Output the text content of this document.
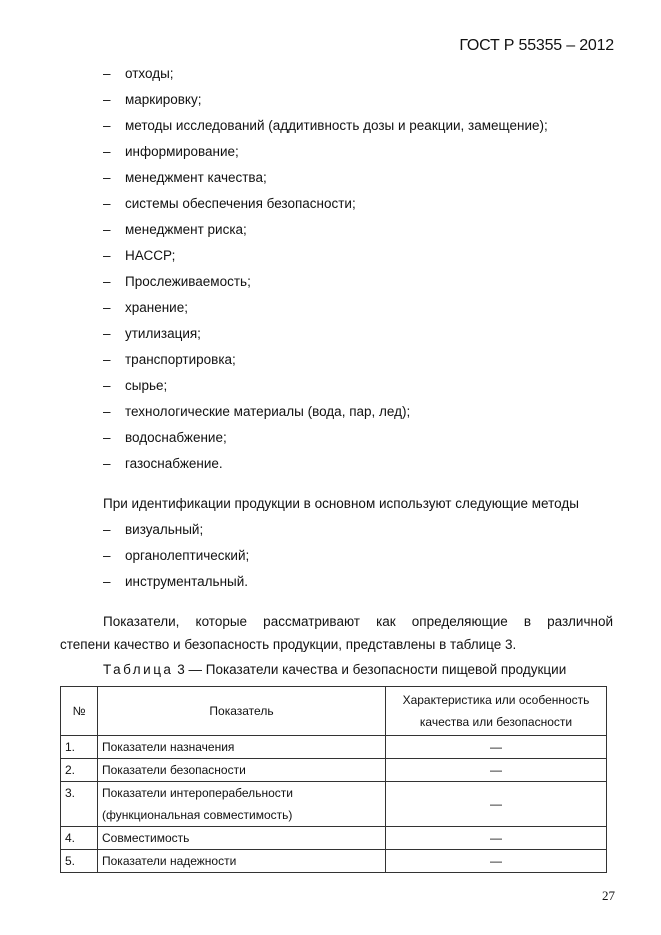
ГОСТ Р 55355 – 2012
– отходы;
– маркировку;
– методы исследований (аддитивность дозы и реакции, замещение);
– информирование;
– менеджмент качества;
– системы обеспечения безопасности;
– менеджмент риска;
– НАССР;
– Прослеживаемость;
– хранение;
– утилизация;
– транспортировка;
– сырье;
– технологические материалы (вода, пар, лед);
– водоснабжение;
– газоснабжение.
При идентификации продукции в основном используют следующие методы
– визуальный;
– органолептический;
– инструментальный.
Показатели, которые рассматривают как определяющие в различной
степени качество и безопасность продукции, представлены в таблице 3.
Таблица 3 — Показатели качества и безопасности пищевой продукции
№	Показатель	Характеристика или особенность
качества или безопасности

1.	Показатели назначения	—
2.	Показатели безопасности	—
3.	Показатели интероперабельности
(функциональная совместимость)	—
4.	Совместимость	—
5.	Показатели надежности	—
27
